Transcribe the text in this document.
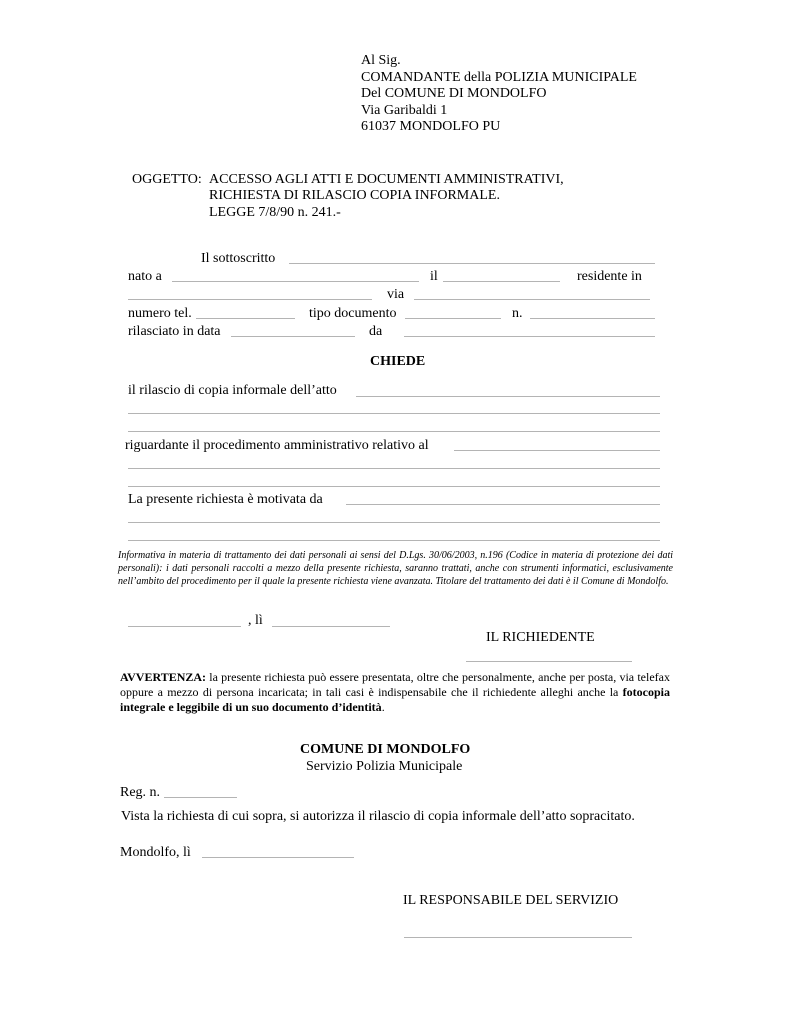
Al Sig.
COMANDANTE della POLIZIA MUNICIPALE
Del COMUNE DI MONDOLFO
Via Garibaldi 1
61037 MONDOLFO PU
OGGETTO: ACCESSO AGLI ATTI E DOCUMENTI AMMINISTRATIVI,
RICHIESTA DI RILASCIO COPIA INFORMALE.
LEGGE 7/8/90 n. 241.-
Il sottoscritto
nato a	il	residente in
via
numero tel.	tipo documento	n.
rilasciato in data	da
CHIEDE
il rilascio di copia informale dell’atto
riguardante il procedimento amministrativo relativo al
La presente richiesta è motivata da
Informativa in materia di trattamento dei dati personali ai sensi del D.Lgs. 30/06/2003, n.196 (Codice in materia di protezione dei dati personali): i dati personali raccolti a mezzo della presente richiesta, saranno trattati, anche con strumenti informatici, esclusivamente nell’ambito del procedimento per il quale la presente richiesta viene avanzata. Titolare del trattamento dei dati è il Comune di Mondolfo.
, lì
IL RICHIEDENTE
AVVERTENZA: la presente richiesta può essere presentata, oltre che personalmente, anche per posta, via telefax oppure a mezzo di persona incaricata; in tali casi è indispensabile che il richiedente alleghi anche la fotocopia integrale e leggibile di un suo documento d’identità.
COMUNE DI MONDOLFO
Servizio Polizia Municipale
Reg. n.
Vista la richiesta di cui sopra, si autorizza il rilascio di copia informale dell’atto sopracitato.
Mondolfo, lì
IL RESPONSABILE DEL SERVIZIO
